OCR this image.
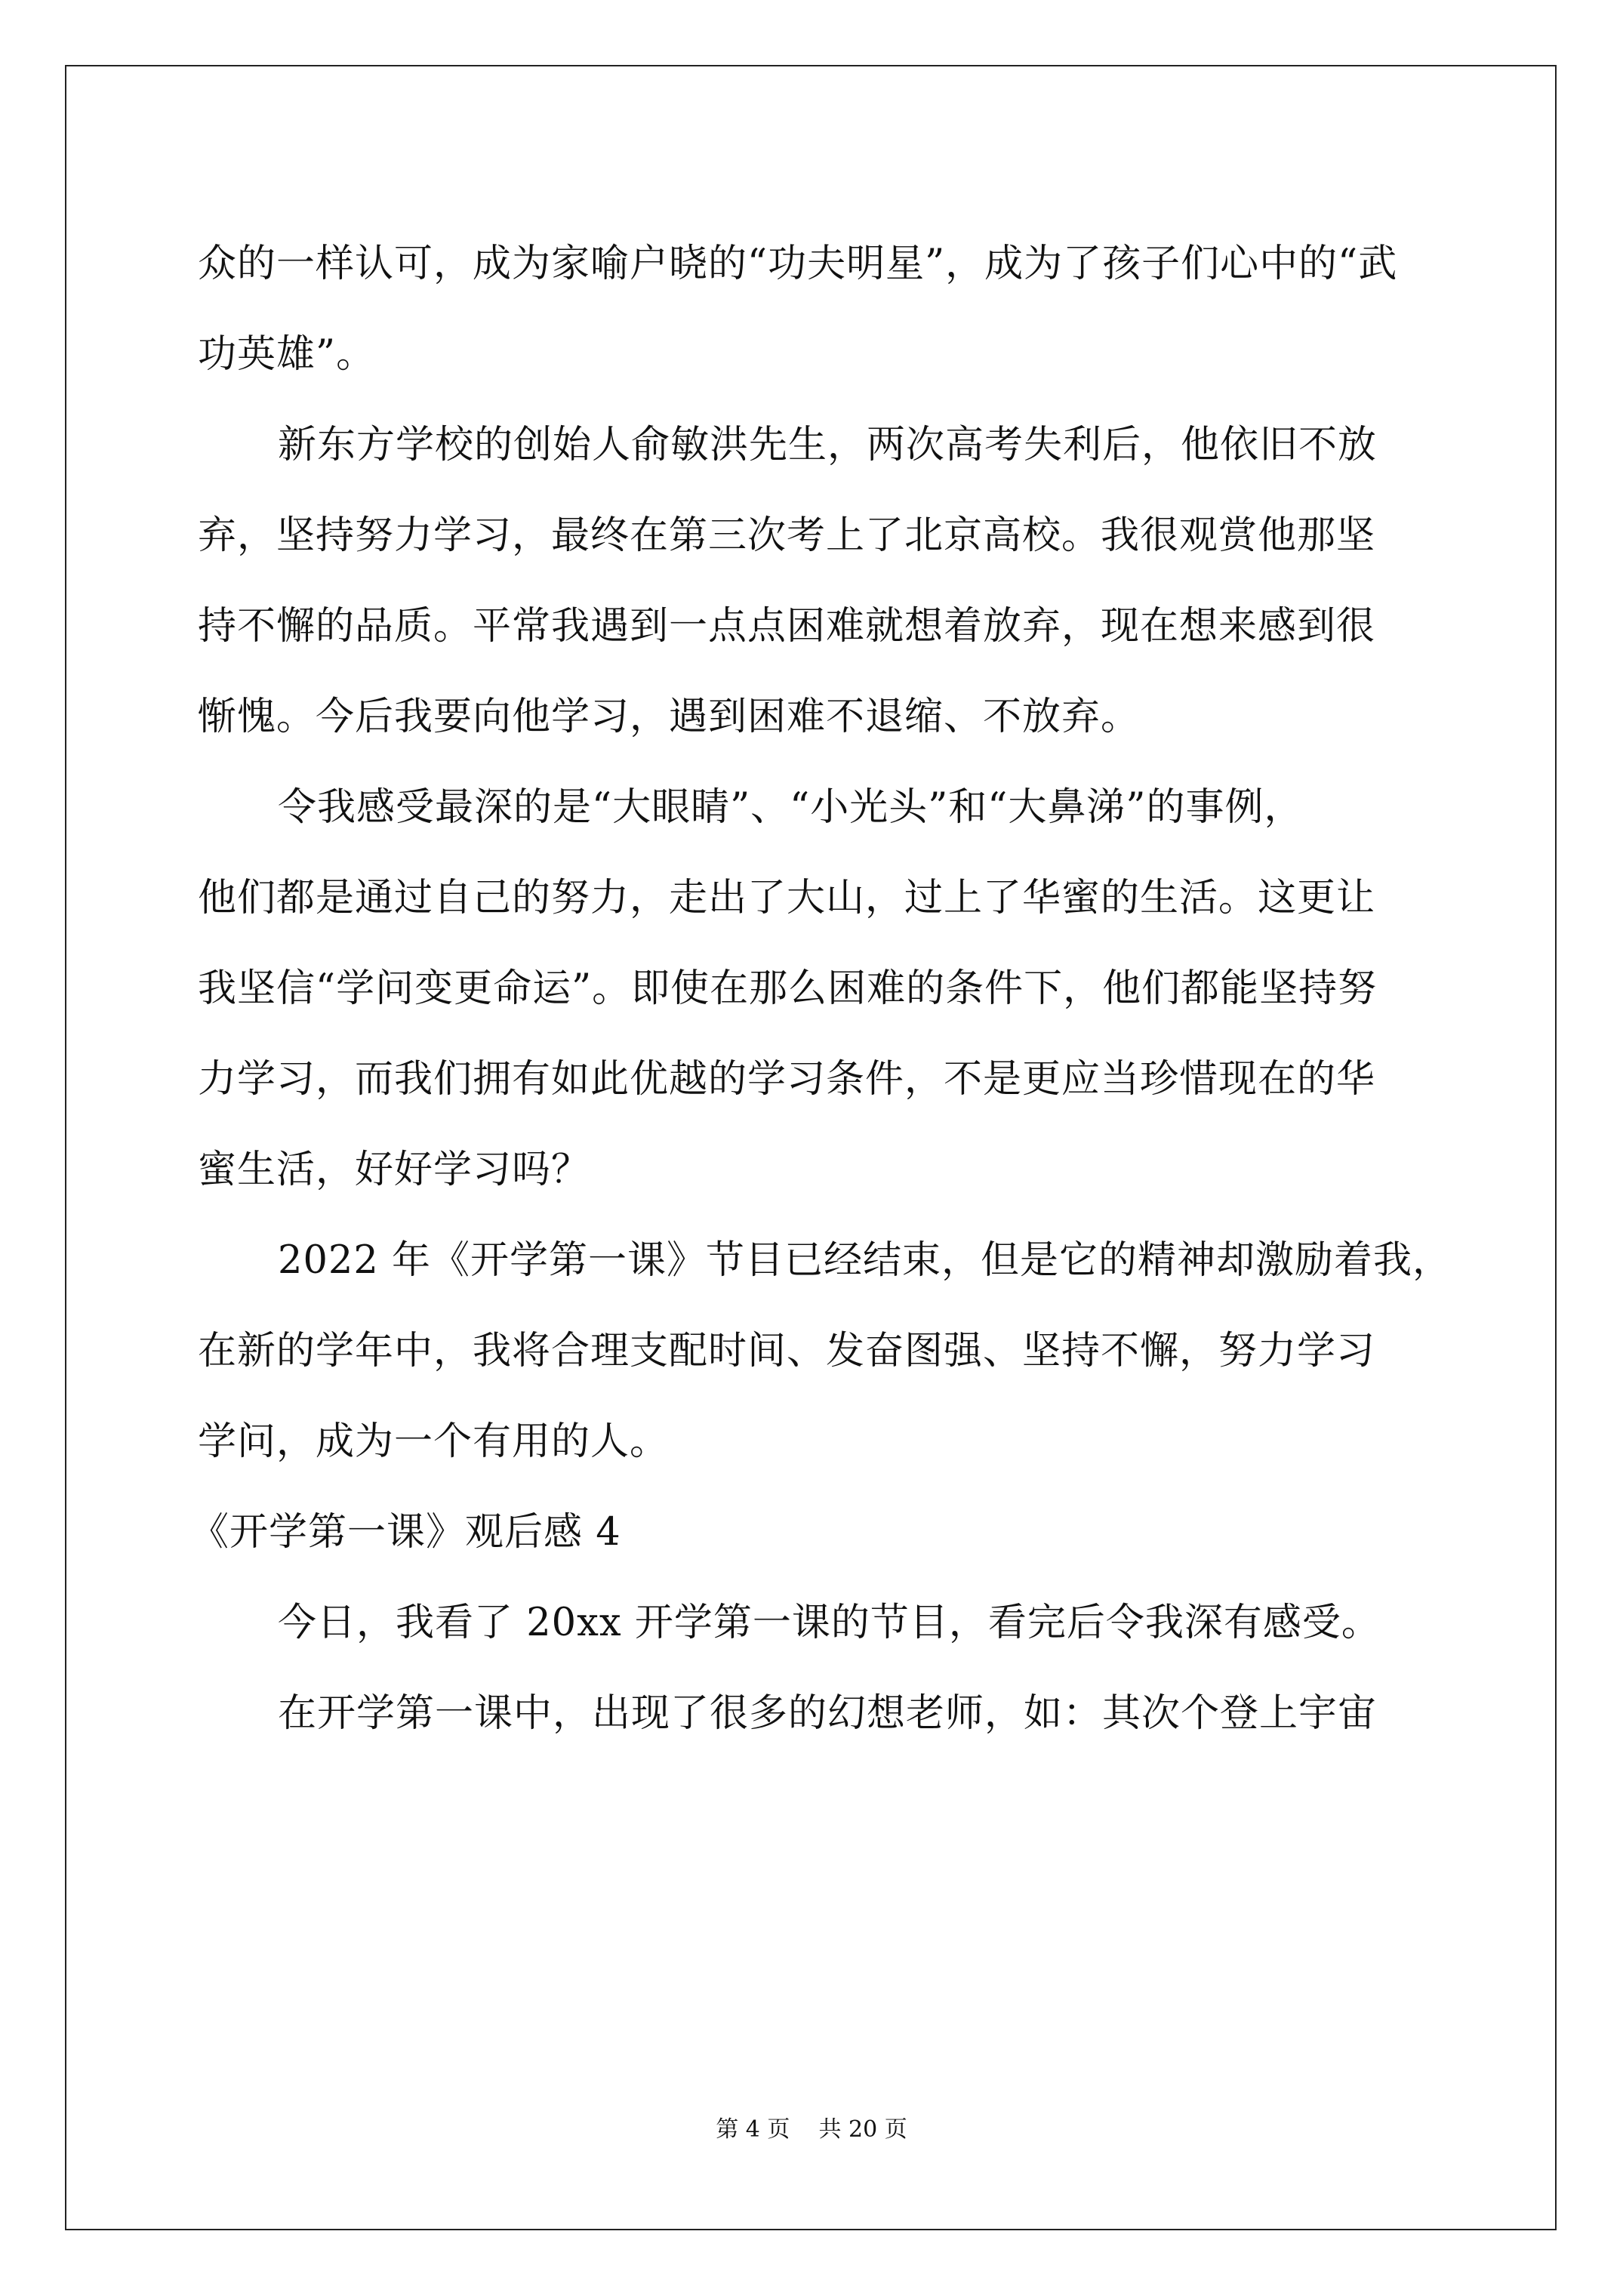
众的一样认可，成为家喻户晓的“功夫明星”，成为了孩子们心中的“武
功英雄”。
新东方学校的创始人俞敏洪先生，两次高考失利后，他依旧不放
弃，坚持努力学习，最终在第三次考上了北京高校。我很观赏他那坚
持不懈的品质。平常我遇到一点点困难就想着放弃，现在想来感到很
惭愧。今后我要向他学习，遇到困难不退缩、不放弃。
令我感受最深的是“大眼睛”、“小光头”和“大鼻涕”的事例，
他们都是通过自己的努力，走出了大山，过上了华蜜的生活。这更让
我坚信“学问变更命运”。即使在那么困难的条件下，他们都能坚持努
力学习，而我们拥有如此优越的学习条件，不是更应当珍惜现在的华
蜜生活，好好学习吗？
2022 年《开学第一课》节目已经结束，但是它的精神却激励着我，
在新的学年中，我将合理支配时间、发奋图强、坚持不懈，努力学习
学问，成为一个有用的人。
《开学第一课》观后感 4
今日，我看了 20xx 开学第一课的节目，看完后令我深有感受。
在开学第一课中，出现了很多的幻想老师，如：其次个登上宇宙
第 4 页    共 20 页
